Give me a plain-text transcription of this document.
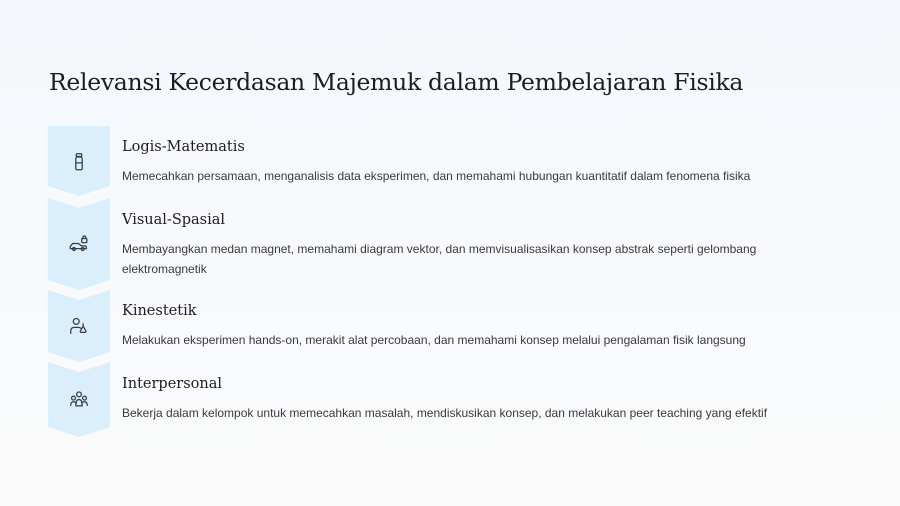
Relevansi Kecerdasan Majemuk dalam Pembelajaran Fisika
Logis-Matematis

Memecahkan persamaan, menganalisis data eksperimen, dan memahami hubungan kuantitatif dalam fenomena fisika

Visual-Spasial

Membayangkan medan magnet, memahami diagram vektor, dan memvisualisasikan konsep abstrak seperti gelombang elektromagnetik

Kinestetik

Melakukan eksperimen hands-on, merakit alat percobaan, dan memahami konsep melalui pengalaman fisik langsung

Interpersonal

Bekerja dalam kelompok untuk memecahkan masalah, mendiskusikan konsep, dan melakukan peer teaching yang efektif
